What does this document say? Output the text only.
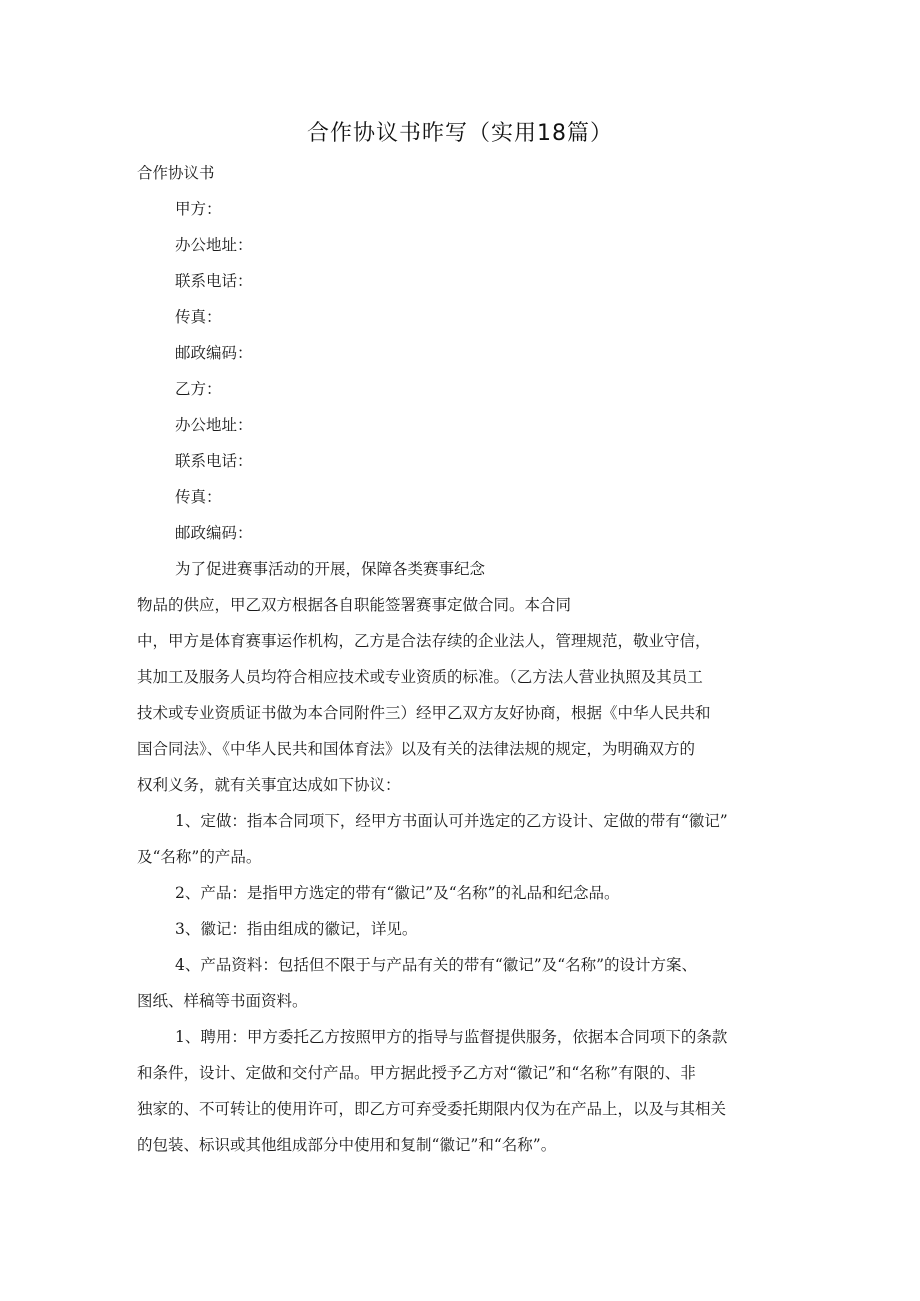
合作协议书昨写（实用18篇）
合作协议书
甲方：
办公地址：
联系电话：
传真：
邮政编码：
乙方：
办公地址：
联系电话：
传真：
邮政编码：
为了促进赛事活动的开展，保障各类赛事纪念
物品的供应，甲乙双方根据各自职能签署赛事定做合同。本合同
中，甲方是体育赛事运作机构，乙方是合法存续的企业法人，管理规范，敬业守信，
其加工及服务人员均符合相应技术或专业资质的标准。（乙方法人营业执照及其员工
技术或专业资质证书做为本合同附件三）经甲乙双方友好协商，根据《中华人民共和
国合同法》、《中华人民共和国体育法》以及有关的法律法规的规定，为明确双方的
权利义务，就有关事宜达成如下协议：
1、定做：指本合同项下，经甲方书面认可并选定的乙方设计、定做的带有“徽记”
及“名称”的产品。
2、产品：是指甲方选定的带有“徽记”及“名称”的礼品和纪念品。
3、徽记：指由组成的徽记，详见。
4、产品资料：包括但不限于与产品有关的带有“徽记”及“名称”的设计方案、
图纸、样稿等书面资料。
1、聘用：甲方委托乙方按照甲方的指导与监督提供服务，依据本合同项下的条款
和条件，设计、定做和交付产品。甲方据此授予乙方对“徽记”和“名称”有限的、非
独家的、不可转让的使用许可，即乙方可弃受委托期限内仅为在产品上，以及与其相关
的包装、标识或其他组成部分中使用和复制“徽记”和“名称”。
